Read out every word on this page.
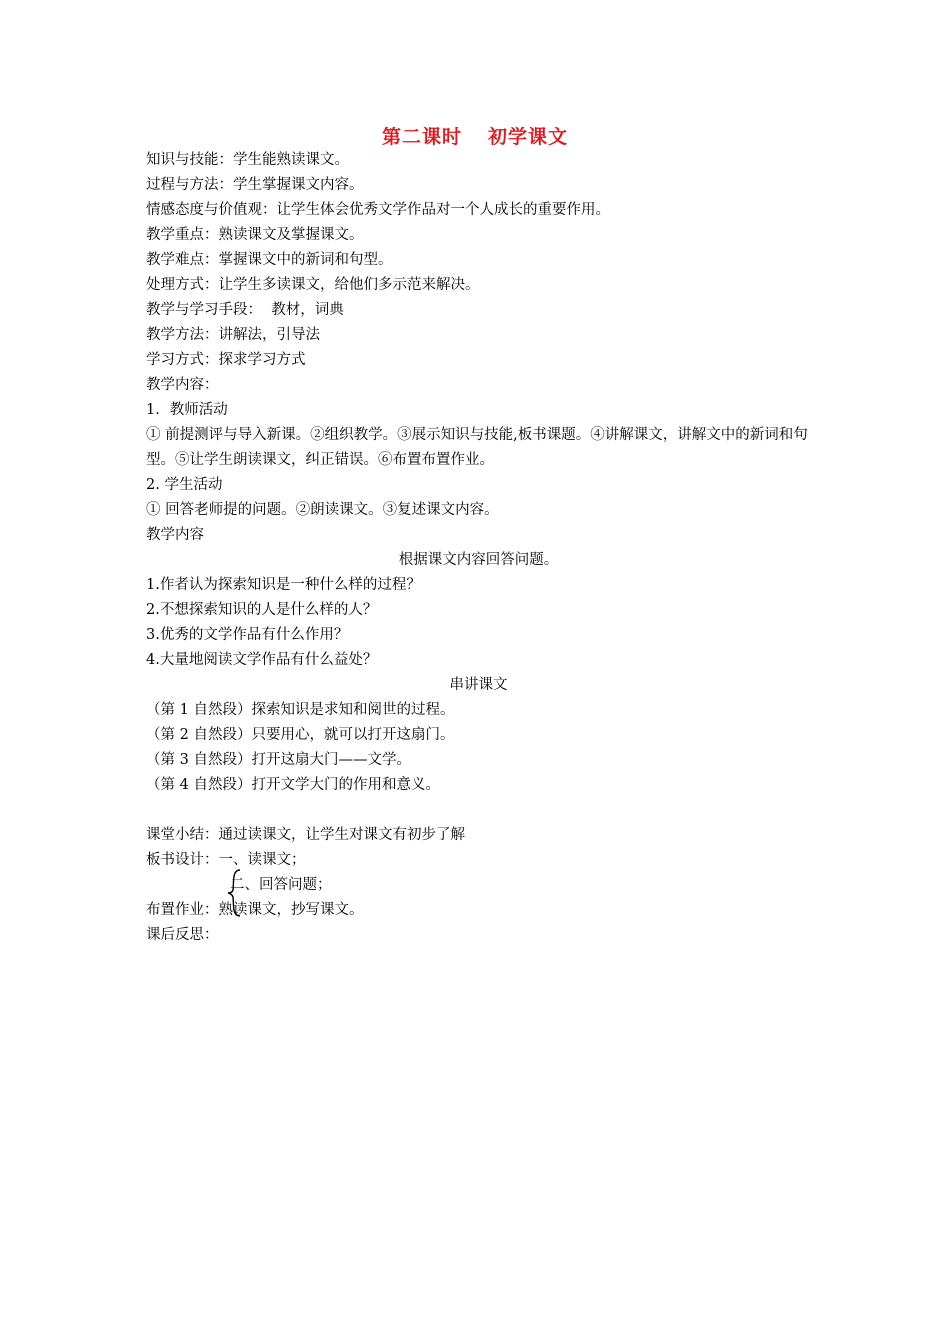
第二课时 初学课文
知识与技能：学生能熟读课文。
过程与方法：学生掌握课文内容。
情感态度与价值观：让学生体会优秀文学作品对一个人成长的重要作用。
教学重点：熟读课文及掌握课文。
教学难点：掌握课文中的新词和句型。
处理方式：让学生多读课文，给他们多示范来解决。
教学与学习手段：  教材，词典
教学方法：讲解法，引导法
学习方式：探求学习方式
教学内容：
1．教师活动
① 前提测评与导入新课。②组织教学。③展示知识与技能,板书课题。④讲解课文，讲解文中的新词和句型。⑤让学生朗读课文，纠正错误。⑥布置布置作业。
2. 学生活动
① 回答老师提的问题。②朗读课文。③复述课文内容。
教学内容
根据课文内容回答问题。
1.作者认为探索知识是一种什么样的过程？
2.不想探索知识的人是什么样的人？
3.优秀的文学作品有什么作用？
4.大量地阅读文学作品有什么益处？
串讲课文
（第 1 自然段）探索知识是求知和阅世的过程。
（第 2 自然段）只要用心，就可以打开这扇门。
（第 3 自然段）打开这扇大门——文学。
（第 4 自然段）打开文学大门的作用和意义。
课堂小结：通过读课文，让学生对课文有初步了解
板书设计：一、读课文；
二、回答问题；
布置作业：熟读课文，抄写课文。
课后反思：
